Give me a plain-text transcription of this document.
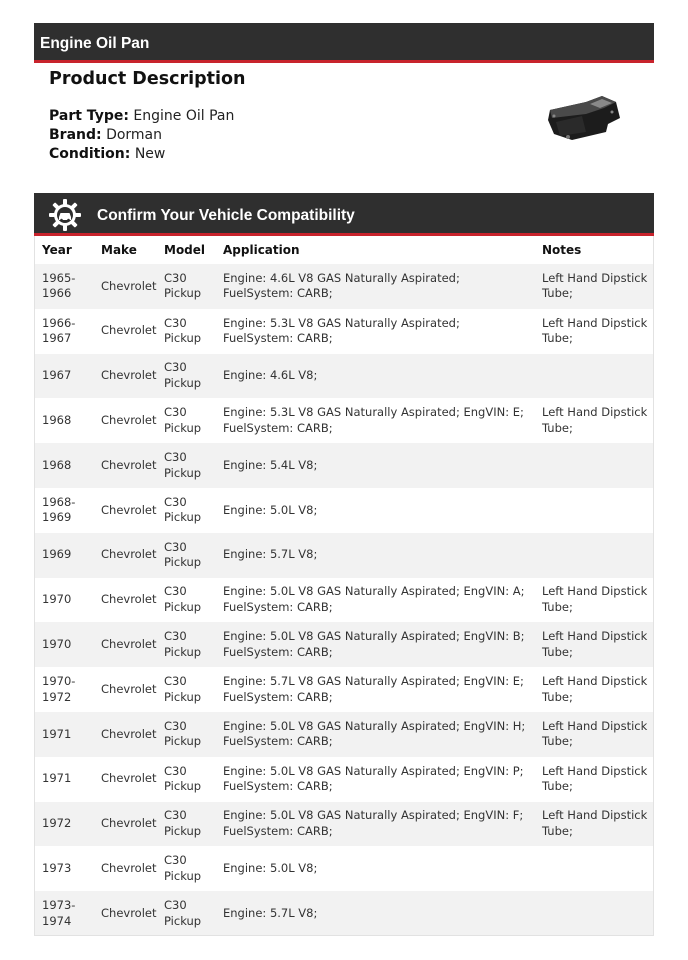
Engine Oil Pan
Product Description
Part Type: Engine Oil Pan
Brand: Dorman
Condition: New
Confirm Your Vehicle Compatibility
Year	Make	Model	Application	Notes
1965-1966	Chevrolet	C30 Pickup	Engine: 4.6L V8 GAS Naturally Aspirated; FuelSystem: CARB;	Left Hand Dipstick Tube;
1966-1967	Chevrolet	C30 Pickup	Engine: 5.3L V8 GAS Naturally Aspirated; FuelSystem: CARB;	Left Hand Dipstick Tube;
1967	Chevrolet	C30 Pickup	Engine: 4.6L V8;	
1968	Chevrolet	C30 Pickup	Engine: 5.3L V8 GAS Naturally Aspirated; EngVIN: E; FuelSystem: CARB;	Left Hand Dipstick Tube;
1968	Chevrolet	C30 Pickup	Engine: 5.4L V8;	
1968-1969	Chevrolet	C30 Pickup	Engine: 5.0L V8;	
1969	Chevrolet	C30 Pickup	Engine: 5.7L V8;	
1970	Chevrolet	C30 Pickup	Engine: 5.0L V8 GAS Naturally Aspirated; EngVIN: A; FuelSystem: CARB;	Left Hand Dipstick Tube;
1970	Chevrolet	C30 Pickup	Engine: 5.0L V8 GAS Naturally Aspirated; EngVIN: B; FuelSystem: CARB;	Left Hand Dipstick Tube;
1970-1972	Chevrolet	C30 Pickup	Engine: 5.7L V8 GAS Naturally Aspirated; EngVIN: E; FuelSystem: CARB;	Left Hand Dipstick Tube;
1971	Chevrolet	C30 Pickup	Engine: 5.0L V8 GAS Naturally Aspirated; EngVIN: H; FuelSystem: CARB;	Left Hand Dipstick Tube;
1971	Chevrolet	C30 Pickup	Engine: 5.0L V8 GAS Naturally Aspirated; EngVIN: P; FuelSystem: CARB;	Left Hand Dipstick Tube;
1972	Chevrolet	C30 Pickup	Engine: 5.0L V8 GAS Naturally Aspirated; EngVIN: F; FuelSystem: CARB;	Left Hand Dipstick Tube;
1973	Chevrolet	C30 Pickup	Engine: 5.0L V8;	
1973-1974	Chevrolet	C30 Pickup	Engine: 5.7L V8;	
